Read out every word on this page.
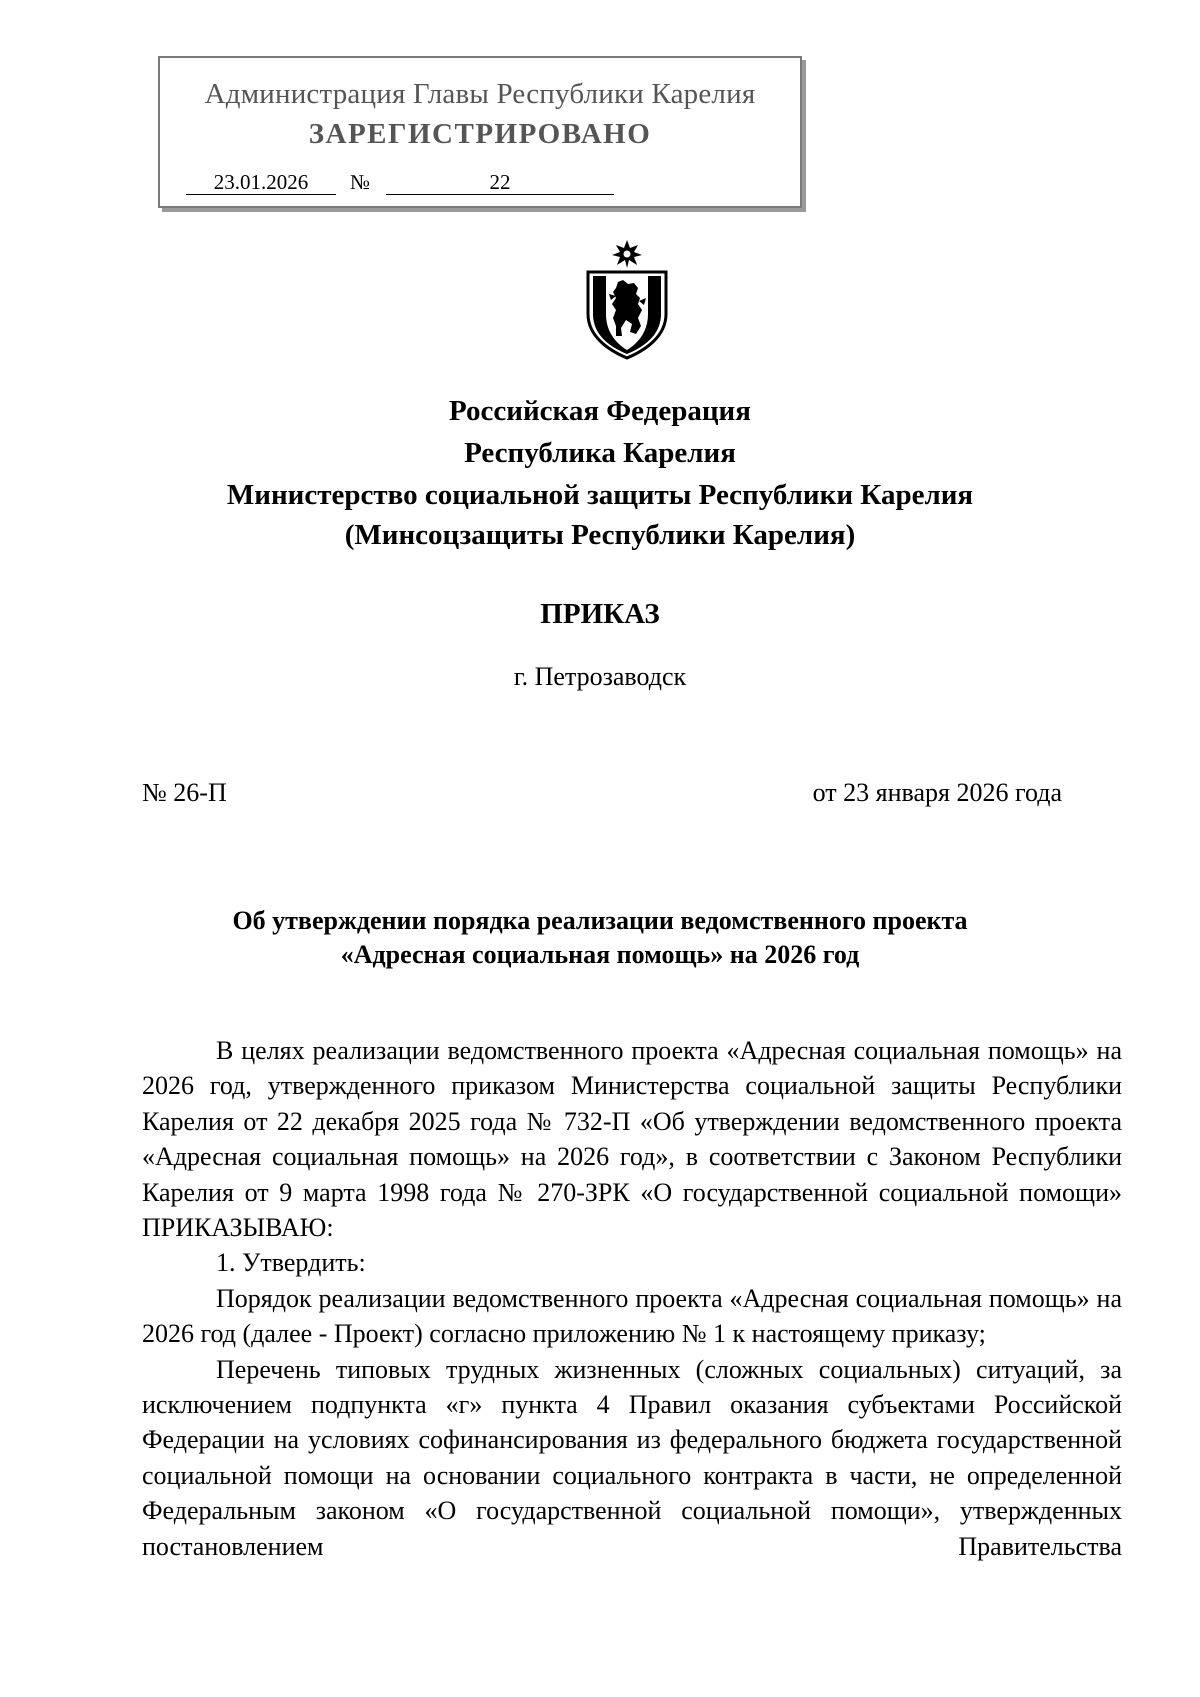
Администрация Главы Республики Карелия
ЗАРЕГИСТРИРОВАНО
23.01.2026	№	22
Российская Федерация
Республика Карелия
Министерство социальной защиты Республики Карелия
(Минсоцзащиты Республики Карелия)
ПРИКАЗ
г. Петрозаводск
№ 26-П	от 23 января 2026 года
Об утверждении порядка реализации ведомственного проекта
«Адресная социальная помощь» на 2026 год

В целях реализации ведомственного проекта «Адресная социальная помощь» на 2026 год, утвержденного приказом Министерства социальной защиты Республики Карелия от 22 декабря 2025 года № 732-П «Об утверждении ведомственного проекта «Адресная социальная помощь» на 2026 год», в соответствии с Законом Республики Карелия от 9 марта 1998 года № 270-ЗРК «О государственной социальной помощи» ПРИКАЗЫВАЮ:

1. Утвердить:

Порядок реализации ведомственного проекта «Адресная социальная помощь» на 2026 год (далее - Проект) согласно приложению № 1 к настоящему приказу;

Перечень типовых трудных жизненных (сложных социальных) ситуаций, за исключением подпункта «г» пункта 4 Правил оказания субъектами Российской Федерации на условиях софинансирования из федерального бюджета государственной социальной помощи на основании социального контракта в части, не определенной Федеральным законом «О государственной социальной помощи», утвержденных постановлением Правительства
